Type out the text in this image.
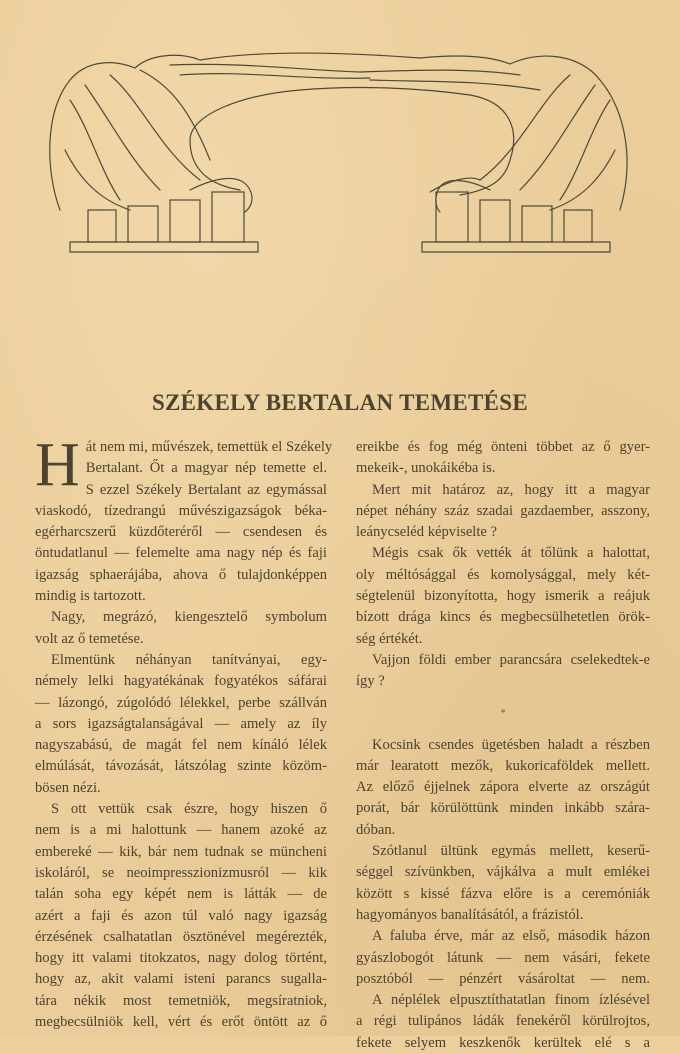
SZÉKELY BERTALAN TEMETÉSE
H át nem mi, művészek, temettük el Székely
Bertalant. Őt a magyar nép temette el.
S ezzel Székely Bertalant az egymással
viaskodó, tízedrangú művészigazságok béka-
egérharcszerű küzdőteréről — csendesen és
öntudatlanul — felemelte ama nagy nép és faji
igazság sphaerájába, ahova ő tulajdonképpen
mindig is tartozott.
Nagy, megrázó, kiengesztelő symbolum
volt az ő temetése.
Elmentünk néhányan tanítványai, egy-
némely lelki hagyatékának fogyatékos sáfárai
— lázongó, zúgolódó lélekkel, perbe szállván
a sors igazságtalanságával — amely az íly
nagyszabású, de magát fel nem kínáló lélek
elmúlását, távozását, látszólag szinte közöm-
bösen nézi.
S ott vettük csak észre, hogy hiszen ő
nem is a mi halottunk — hanem azoké az
embereké — kik, bár nem tudnak se müncheni
iskoláról, se neoimpresszionizmusról — kik
talán soha egy képét nem is látták — de
azért a faji és azon túl való nagy igazság
érzésének csalhatatlan ösztönével megérezték,
hogy itt valami titokzatos, nagy dolog történt,
hogy az, akit valami isteni parancs sugalla-
tára nékik most temetniök, megsíratniok,
megbecsülniök kell, vért és erőt öntött az ő
ereikbe és fog még önteni többet az ő gyer-
mekeik-, unokáikéba is.
Mert mit határoz az, hogy itt a magyar
népet néhány száz szadai gazdaember, asszony,
leánycseléd képviselte ?
Mégis csak ők vették át tőlünk a halottat,
oly méltósággal és komolysággal, mely két-
ségtelenül bizonyította, hogy ismerik a reájuk
bízott drága kincs és megbecsülhetetlen örök-
ség értékét.
Vajjon földi ember parancsára cselekedtek-e
így ?
*
Kocsink csendes ügetésben haladt a részben
már learatott mezők, kukoricaföldek mellett.
Az előző éjjelnek zápora elverte az országút
porát, bár körülöttünk minden inkább szára-
dóban.
Szótlanul ültünk egymás mellett, keserű-
séggel szívünkben, vájkálva a mult emlékei
között s kissé fázva előre is a ceremóniák
hagyományos banalításától, a frázistól.
A faluba érve, már az első, második házon
gyászlobogót látunk — nem vásári, fekete
posztóból — pénzért vásároltat — nem.
A néplélek elpusztíthatatlan finom ízlésével
a régi tulipános ládák fenekéről körülrojtos,
fekete selyem keszkenők kerültek elé s a
